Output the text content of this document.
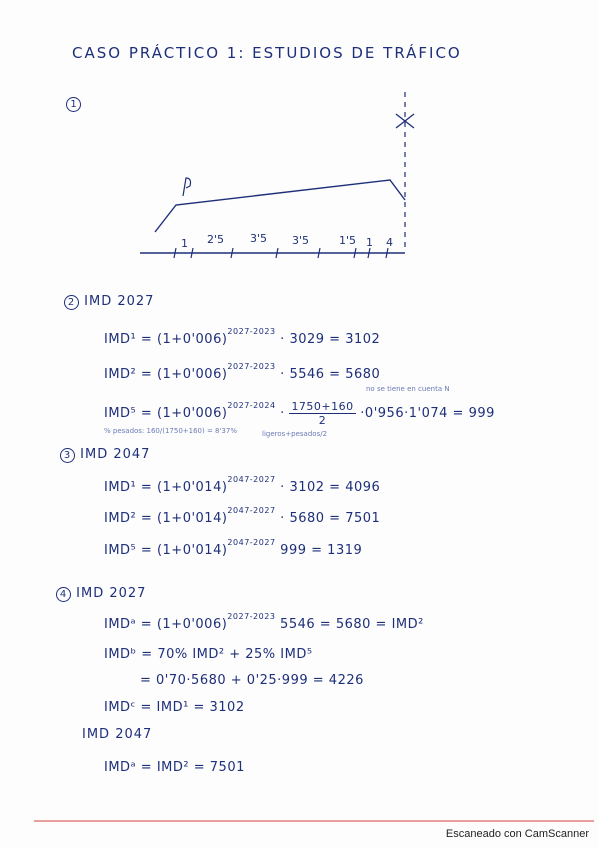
CASO PRÁCTICO 1: ESTUDIOS DE TRÁFICO
1
1 2'5 3'5 3'5	1'5 1 4
2 IMD 2027
$IMD^1 = (1+0'006)^{2027-2023} \cdot 3029 = 3102$
$IMD^2 = (1+0'006)^{2027-2023} \cdot 5546 = 5680$
no se tiene en cuenta N
$IMD^5 = (1+0'006)^{2027-2024} \cdot \frac{1750+160}{2} \cdot 0'956\cdot 1'074 = 999$
% pesados: 160/(1750+160) = 8'37%	ligeros+pesados/2
3 IMD 2047
$IMD^1 = (1+0'014)^{2047-2027} \cdot 3102 = 4096$
$IMD^2 = (1+0'014)^{2047-2027} \cdot 5680 = 7501$
$IMD^5 = (1+0'014)^{2047-2027}$ 999 = 1319
4 IMD 2027
IMDᵃ = $(1+0'006)^{2027-2023}$ 5546 = 5680 = IMD²
IMDᵇ = 70% IMD² + 25% IMD⁵
= 0'70·5680 + 0'25·999 = 4226
IMDᶜ = IMD¹ = 3102
IMD 2047
IMDᵃ = IMD² = 7501
Escaneado con CamScanner
